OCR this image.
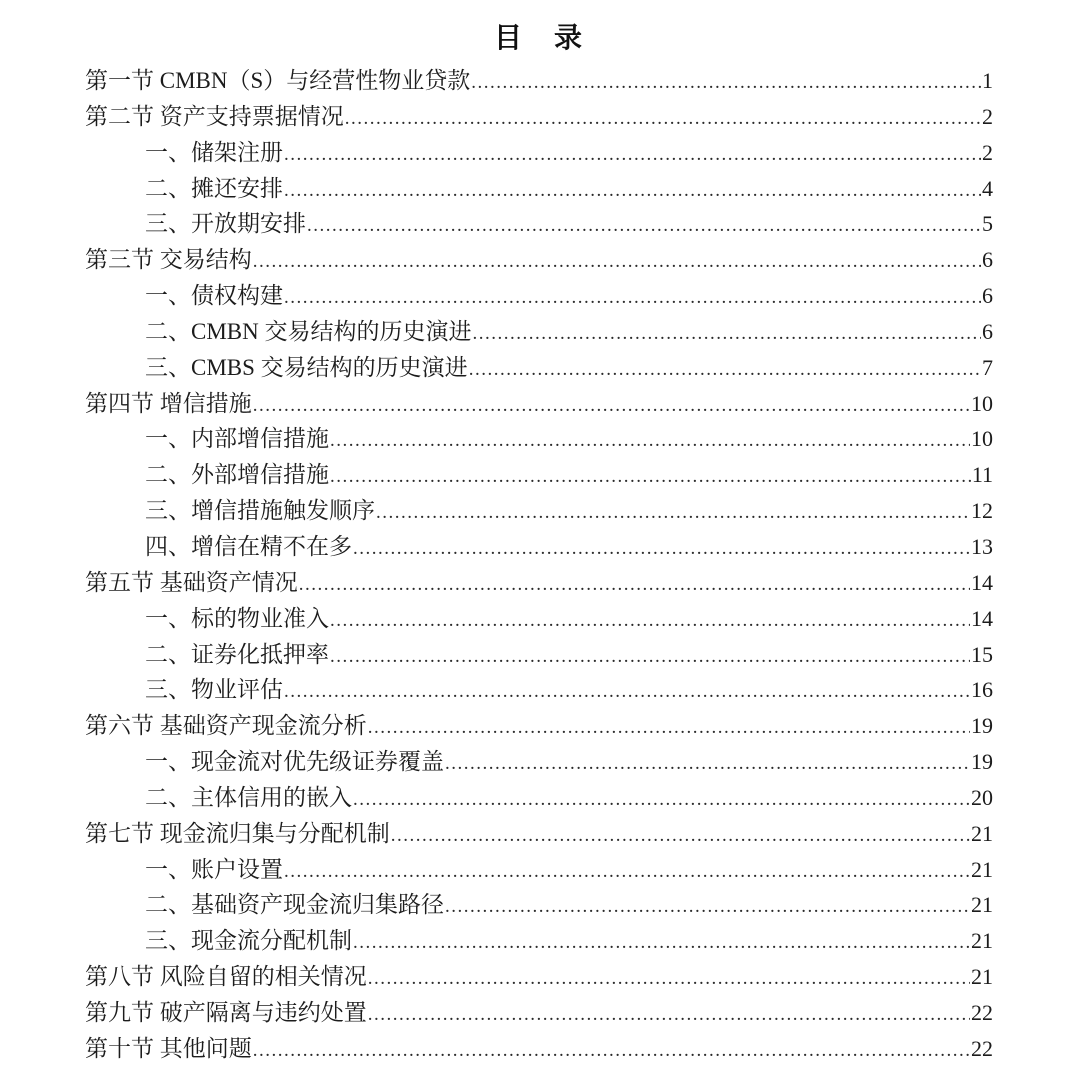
目　录
第一节 CMBN（S）与经营性物业贷款 .....	1
第二节 资产支持票据情况 .....	2
一、储架注册 .....	2
二、摊还安排 .....	4
三、开放期安排 .....	5
第三节 交易结构 .....	6
一、债权构建 .....	6
二、CMBN 交易结构的历史演进 .....	6
三、CMBS 交易结构的历史演进 .....	7
第四节 增信措施 .....	10
一、内部增信措施 .....	10
二、外部增信措施 .....	11
三、增信措施触发顺序 .....	12
四、增信在精不在多 .....	13
第五节 基础资产情况 .....	14
一、标的物业准入 .....	14
二、证券化抵押率 .....	15
三、物业评估 .....	16
第六节 基础资产现金流分析 .....	19
一、现金流对优先级证券覆盖 .....	19
二、主体信用的嵌入 .....	20
第七节 现金流归集与分配机制 .....	21
一、账户设置 .....	21
二、基础资产现金流归集路径 .....	21
三、现金流分配机制 .....	21
第八节 风险自留的相关情况 .....	21
第九节 破产隔离与违约处置 .....	22
第十节 其他问题 .....	22
